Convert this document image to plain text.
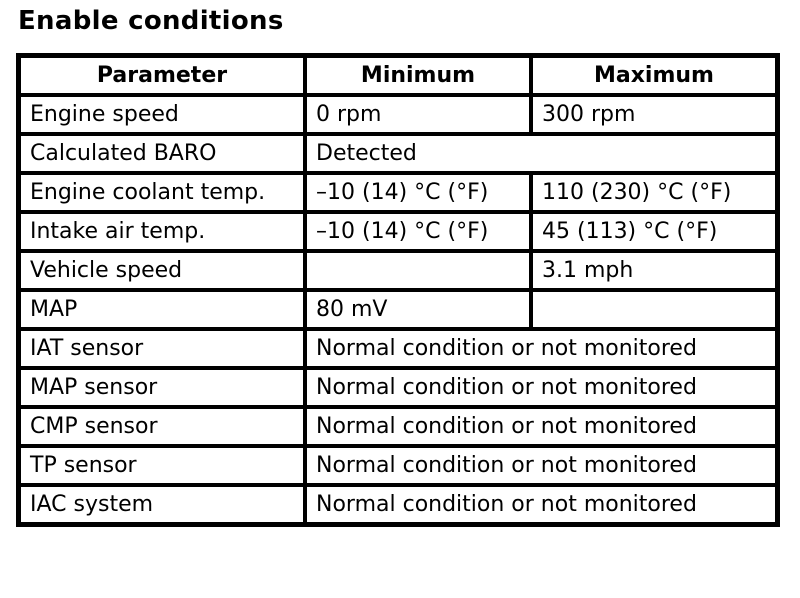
Enable conditions
Parameter	Minimum	Maximum
Engine speed	0 rpm	300 rpm
Calculated BARO	Detected	
Engine coolant temp.	–10 (14) °C (°F)	110 (230) °C (°F)
Intake air temp.	–10 (14) °C (°F)	45 (113) °C (°F)
Vehicle speed		3.1 mph
MAP	80 mV	
IAT sensor	Normal condition or not monitored	
MAP sensor	Normal condition or not monitored	
CMP sensor	Normal condition or not monitored	
TP sensor	Normal condition or not monitored	
IAC system	Normal condition or not monitored	
